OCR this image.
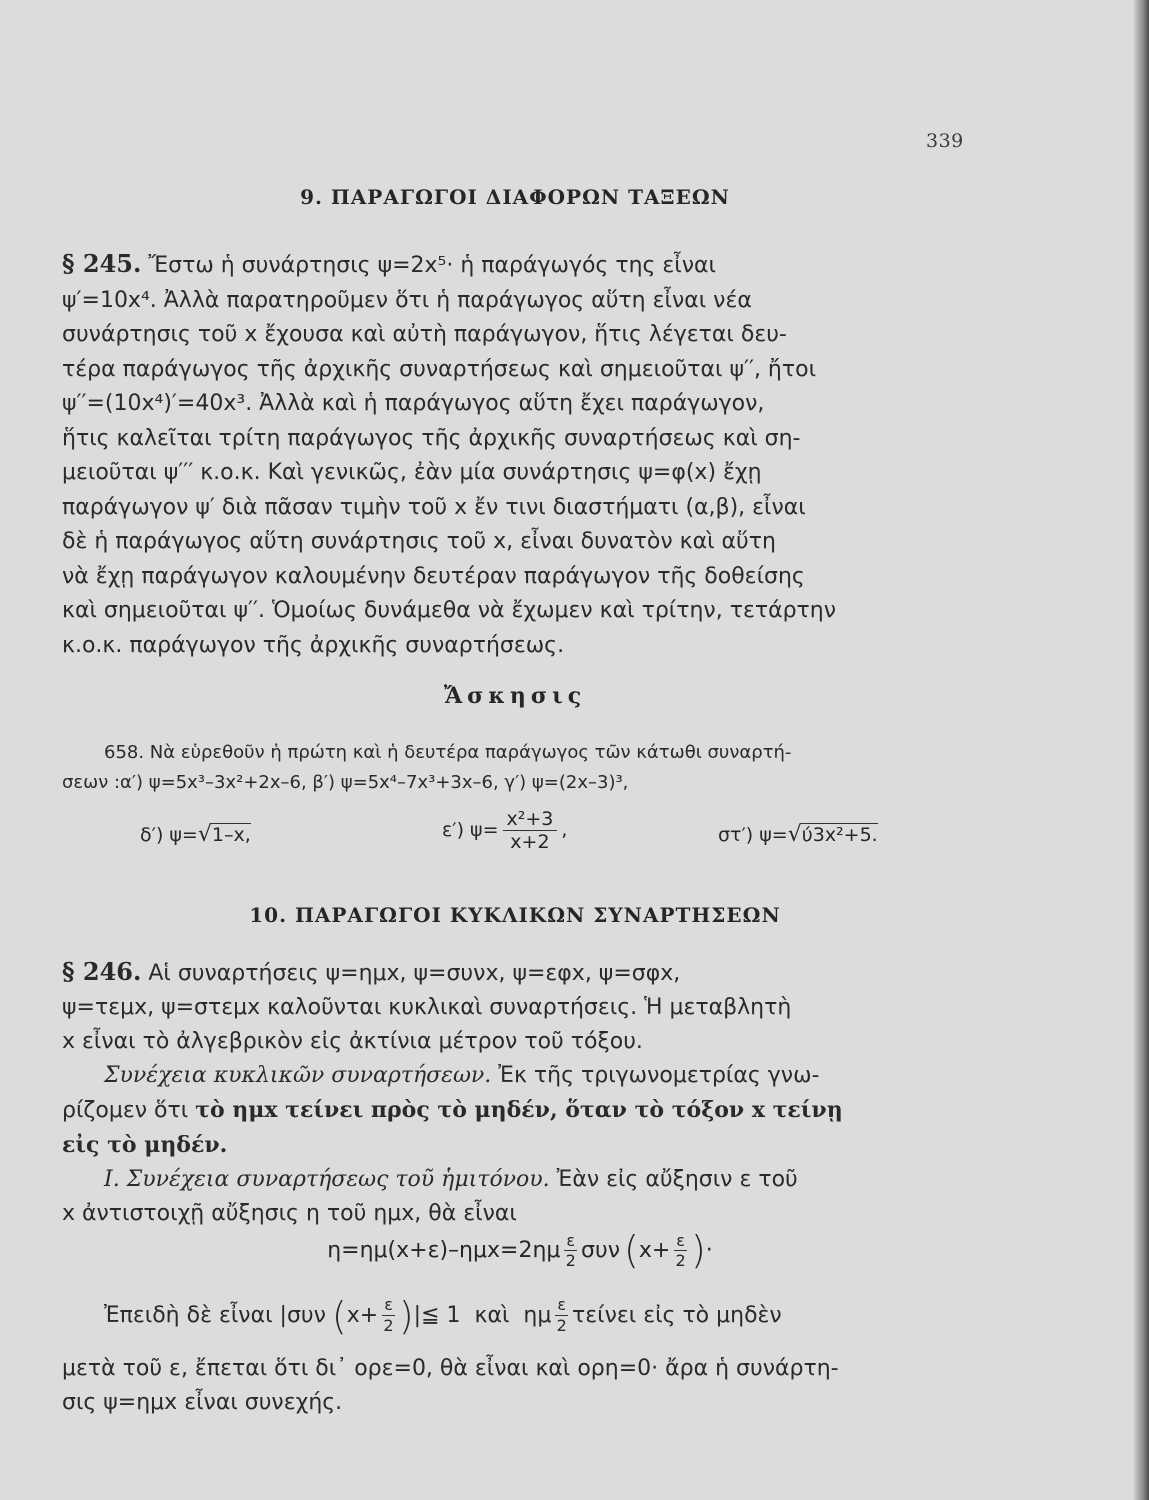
339
9. ΠΑΡΑΓΩΓΟΙ ΔΙΑΦΟΡΩΝ ΤΑΞΕΩΝ

§ 245. Ἔστω ἡ συνάρτησις ψ=2x⁵· ἡ παράγωγός της εἶναι

ψ′=10x⁴. Ἀλλὰ παρατηροῦμεν ὅτι ἡ παράγωγος αὕτη εἶναι νέα

συνάρτησις τοῦ x ἔχουσα καὶ αὐτὴ παράγωγον, ἥτις λέγεται δευ-

τέρα παράγωγος τῆς ἀρχικῆς συναρτήσεως καὶ σημειοῦται ψ′′, ἤτοι

ψ′′=(10x⁴)′=40x³. Ἀλλὰ καὶ ἡ παράγωγος αὕτη ἔχει παράγωγον,

ἥτις καλεῖται τρίτη παράγωγος τῆς ἀρχικῆς συναρτήσεως καὶ ση-

μειοῦται ψ′′′ κ.ο.κ. Καὶ γενικῶς, ἐὰν μία συνάρτησις ψ=φ(x) ἔχῃ

παράγωγον ψ′ διὰ πᾶσαν τιμὴν τοῦ x ἔν τινι διαστήματι (α,β), εἶναι

δὲ ἡ παράγωγος αὕτη συνάρτησις τοῦ x, εἶναι δυνατὸν καὶ αὕτη

νὰ ἔχῃ παράγωγον καλουμένην δευτέραν παράγωγον τῆς δοθείσης

καὶ σημειοῦται ψ′′. Ὁμοίως δυνάμεθα νὰ ἔχωμεν καὶ τρίτην, τετάρτην

κ.ο.κ. παράγωγον τῆς ἀρχικῆς συναρτήσεως.

Ἄσκησις
658. Νὰ εὑρεθοῦν ἡ πρώτη καὶ ἡ δευτέρα παράγωγος τῶν κάτωθι συναρτή-
σεων :α′) ψ=5x³–3x²+2x–6, β′) ψ=5x⁴–7x³+3x–6, γ′) ψ=(2x–3)³,
δ′) ψ=√1–x,	ε′) $\psi= \frac{\text{x²+3}}{x+2}$ ,	στ′) ψ=√ύ3x²+5.
10. ΠΑΡΑΓΩΓΟΙ ΚΥΚΛΙΚΩΝ ΣΥΝΑΡΤΗΣΕΩΝ

§ 246. Αἱ συναρτήσεις ψ=ημx, ψ=συνx, ψ=εφx, ψ=σφx,

ψ=τεμx, ψ=στεμx καλοῦνται κυκλικαὶ συναρτήσεις. Ἡ μεταβλητὴ

x εἶναι τὸ ἀλγεβρικὸν εἰς ἀκτίνια μέτρον τοῦ τόξου.

Συνέχεια κυκλικῶν συναρτήσεων. Ἐκ τῆς τριγωνομετρίας γνω-

ρίζομεν ὅτι τὸ ημx τείνει πρὸς τὸ μηδέν, ὅταν τὸ τόξον x τείνῃ

εἰς τὸ μηδέν.

Ι. Συνέχεια συναρτήσεως τοῦ ἡμιτόνου. Ἐὰν εἰς αὔξησιν ε τοῦ

x ἀντιστοιχῇ αὔξησις η τοῦ ημx, θὰ εἶναι

η=ημ(x+ε)–ημx=2ημ ε
2 συν ( $x+ \frac{\varepsilon}{2}$ ) ·
Ἐπειδὴ δὲ εἶναι |συν ( $x+ \frac{\varepsilon}{2}$ ) |≦ 1  καὶ  ημ ε
2 τείνει εἰς τὸ μηδὲν

μετὰ τοῦ ε, ἔπεται ὅτι δι᾿ ορε=0, θὰ εἶναι καὶ ορη=0· ἄρα ἡ συνάρτη-

σις ψ=ημx εἶναι συνεχής.
